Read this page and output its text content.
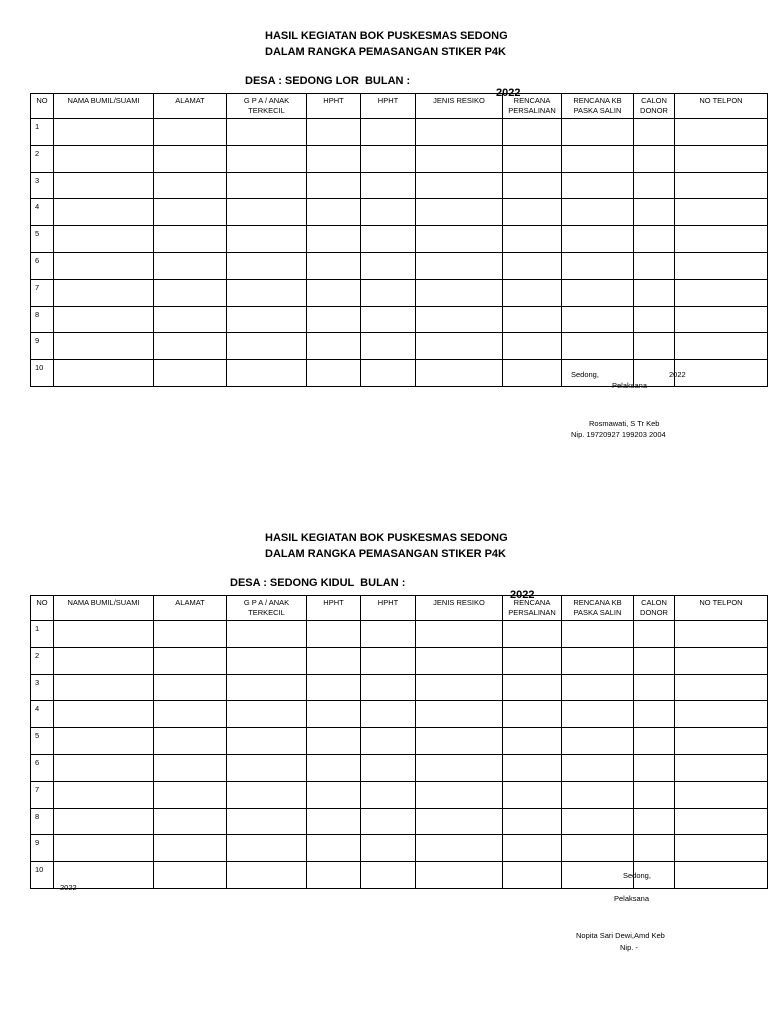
HASIL KEGIATAN BOK PUSKESMAS SEDONG
DALAM RANGKA PEMASANGAN STIKER P4K

DESA : SEDONG LOR  BULAN :

2022

NO	NAMA BUMIL/SUAMI	ALAMAT	G P A / ANAK TERKECIL	HPHT	HPHT	JENIS RESIKO	RENCANA PERSALINAN	RENCANA KB PASKA SALIN	CALON DONOR	NO TELPON
1										
2										
3										
4										
5										
6										
7										
8										
9										
10										
Sedong,	2022
Pelaksana
Rosmawati, S Tr Keb
Nip. 19720927 199203 2004
HASIL KEGIATAN BOK PUSKESMAS SEDONG
DALAM RANGKA PEMASANGAN STIKER P4K

DESA : SEDONG KIDUL  BULAN :

2022

NO	NAMA BUMIL/SUAMI	ALAMAT	G P A / ANAK TERKECIL	HPHT	HPHT	JENIS RESIKO	RENCANA PERSALINAN	RENCANA KB PASKA SALIN	CALON DONOR	NO TELPON
1										
2										
3										
4										
5										
6										
7										
8										
9										
10										
Sedong,
2022
Pelaksana
Nopita Sari Dewi,Amd Keb
Nip. -
